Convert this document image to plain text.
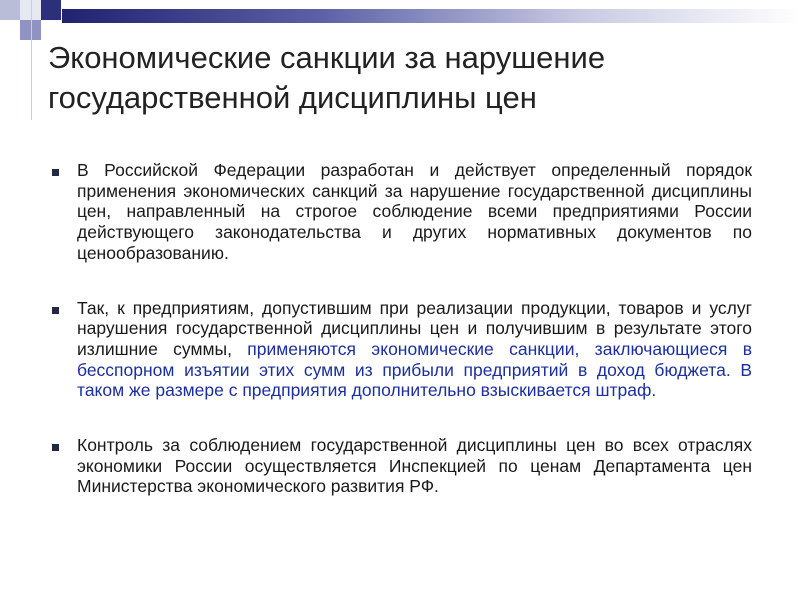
Экономические санкции за нарушение государственной дисциплины цен
В Российской Федерации разработан и действует определенный порядок применения экономических санкций за нарушение государственной дисциплины цен, направленный на строгое соблюдение всеми предприятиями России действующего законодательства и других нормативных документов по ценообразованию.
Так, к предприятиям, допустившим при реализации продукции, товаров и услуг нарушения государственной дисциплины цен и получившим в результате этого излишние суммы, применяются экономические санкции, заключающиеся в бесспорном изъятии этих сумм из прибыли предприятий в доход бюджета. В таком же размере с предприятия дополнительно взыскивается штраф.
Контроль за соблюдением государственной дисциплины цен во всех отраслях экономики России осуществляется Инспекцией по ценам Департамента цен Министерства экономического развития РФ.
